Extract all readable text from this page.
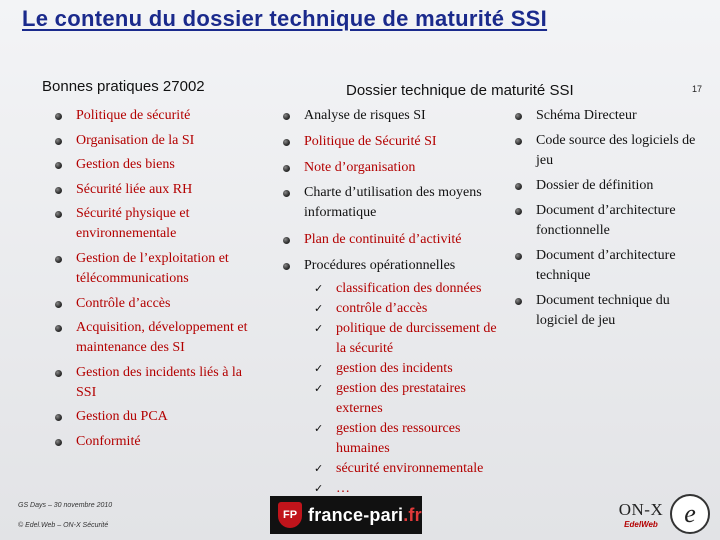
Le contenu du dossier technique de maturité SSI
17
Bonnes pratiques 27002	Dossier technique de maturité SSI
Politique de sécurité
Organisation de la SI
Gestion des biens
Sécurité liée aux RH
Sécurité physique et environnementale
Gestion de l’exploitation et télécommunications
Contrôle d’accès
Acquisition, développement et maintenance des SI
Gestion des incidents liés à la SSI
Gestion du PCA
Conformité
Analyse de risques SI
Politique de Sécurité SI
Note d’organisation
Charte d’utilisation des moyens informatique
Plan de continuité d’activité
Procédures opérationnelles
✓ classification des données
✓ contrôle d’accès
✓ politique de durcissement de la sécurité
✓ gestion des incidents
✓ gestion des prestataires externes
✓ gestion des ressources humaines
✓ sécurité environnementale
✓ …
Schéma Directeur
Code source des logiciels de jeu
Dossier de définition
Document d’architecture fonctionnelle
Document d’architecture technique
Document technique du logiciel de jeu
GS Days – 30 novembre 2010
© Edel.Web – ON-X Sécurité
FP france-pari.fr	ON-X
EdelWeb	e
